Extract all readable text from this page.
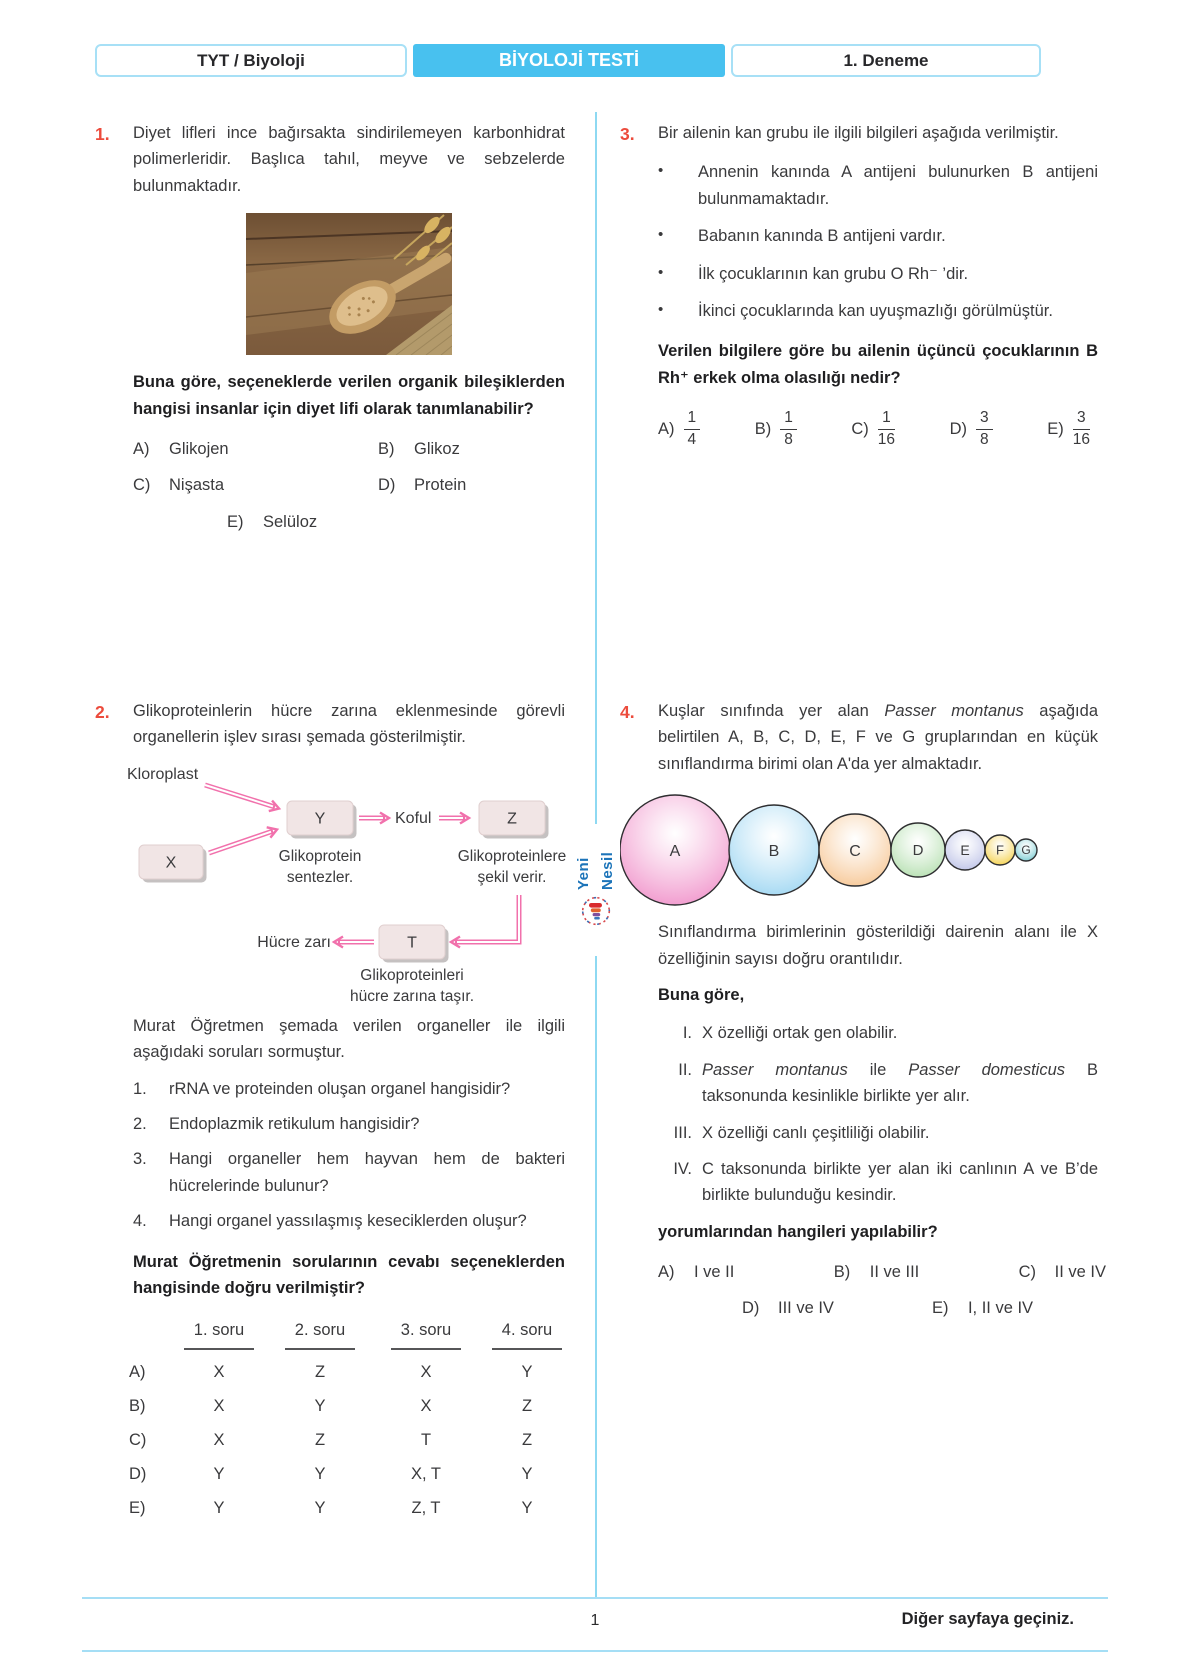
TYT / Biyoloji	BİYOLOJİ TESTİ	1. Deneme
1. Diyet lifleri ince bağırsakta sindirilemeyen karbonhidrat polimerleridir. Başlıca tahıl, meyve ve sebzelerde bulunmaktadır.

Buna göre, seçeneklerde verilen organik bileşiklerden hangisi insanlar için diyet lifi olarak tanımlanabilir?

A) Glikojen	B) Glikoz
C) Nişasta	D) Protein
E) Selüloz
2. Glikoproteinlerin hücre zarına eklenmesinde görevli organellerin işlev sırası şemada gösterilmiştir.

Kloroplast
Koful
Hücre zarı
X
Y	Z
T
Glikoprotein
sentezler.
Glikoproteinlere
şekil verir.
Glikoproteinleri
hücre zarına taşır.

Murat Öğretmen şemada verilen organeller ile ilgili aşağıdaki soruları sormuştur.

1.	rRNA ve proteinden oluşan organel hangisidir?
2.	Endoplazmik retikulum hangisidir?
3.	Hangi organeller hem hayvan hem de bakteri hücrelerinde bulunur?
4.	Hangi organel yassılaşmış keseciklerden oluşur?

Murat Öğretmenin sorularının cevabı seçeneklerden hangisinde doğru verilmiştir?

1. soru	2. soru	3. soru	4. soru
A)	X	Z	X	Y
B)	X	Y	X	Z
C)	X	Z	T	Z
D)	Y	Y	X, T	Y
E)	Y	Y	Z, T	Y
3. Bir ailenin kan grubu ile ilgili bilgileri aşağıda verilmiştir.

•	Annenin kanında A antijeni bulunurken B antijeni bulunmamaktadır.
•	Babanın kanında B antijeni vardır.
•	İlk çocuklarının kan grubu O Rh⁻ ’dir.
•	İkinci çocuklarında kan uyuşmazlığı görülmüştür.

Verilen bilgilere göre bu ailenin üçüncü çocuklarının B Rh⁺ erkek olma olasılığı nedir?

$A) \frac{1}{4}$	$B) \frac{1}{8}$	$C) \frac{1}{16}$	$D) \frac{3}{8}$	$E) \frac{3}{16}$
4. Kuşlar sınıfında yer alan Passer montanus aşağıda belirtilen A, B, C, D, E, F ve G gruplarından en küçük sınıflandırma birimi olan A'da yer almaktadır.

A	B	C	D	E F G

Sınıflandırma birimlerinin gösterildiği dairenin alanı ile X özelliğinin sayısı doğru orantılıdır.

Buna göre,

I. X özelliği ortak gen olabilir.
II. Passer montanus ile Passer domesticus B taksonunda kesinlikle birlikte yer alır.
III. X özelliği canlı çeşitliliği olabilir.
IV. C taksonunda birlikte yer alan iki canlının A ve B’de birlikte bulunduğu kesindir.

yorumlarından hangileri yapılabilir?

A) I ve II	B) II ve III	C) II ve IV
D) III ve IV	E) I, II ve IV
Yeni Nesil
1	Diğer sayfaya geçiniz.
